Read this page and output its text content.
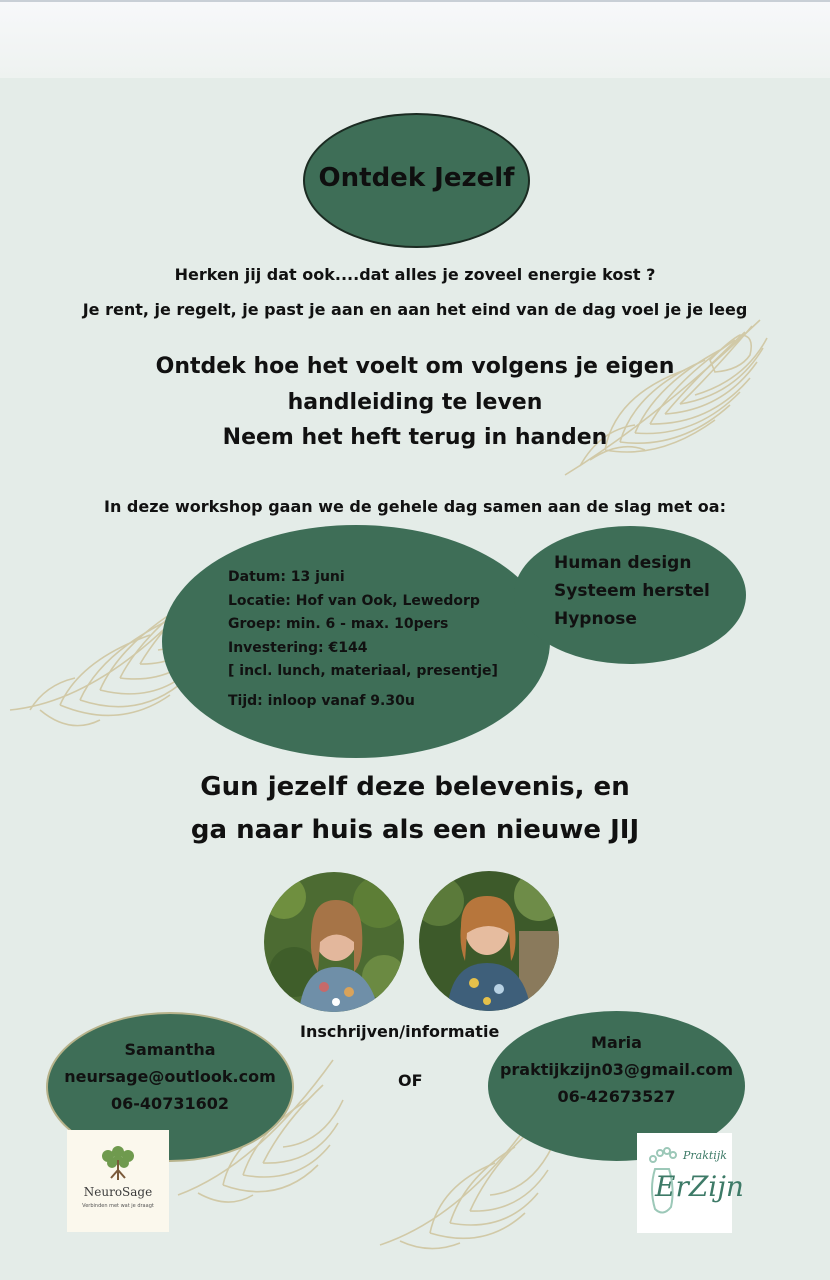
Ontdek Jezelf
Herken jij dat ook....dat alles je zoveel energie kost ?
Je rent, je regelt, je past je aan en aan het eind van de dag voel je je leeg
Ontdek hoe het voelt om volgens je eigen
handleiding te leven
Neem het heft terug in handen
In deze workshop gaan we de gehele dag samen aan de slag met oa:
Datum: 13 juni
Locatie: Hof van Ook, Lewedorp
Groep: min. 6 - max. 10pers
Investering: €144
[ incl. lunch, materiaal, presentje]
Tijd: inloop vanaf 9.30u
Human design
Systeem herstel
Hypnose
Gun jezelf deze belevenis, en
ga naar huis als een nieuwe JIJ
Inschrijven/informatie
OF
Samantha
neursage@outlook.com
06-40731602
Maria
praktijkzijn03@gmail.com
06-42673527
NeuroSage
Verbinden met wat je draagt
Praktijk
ErZijn
